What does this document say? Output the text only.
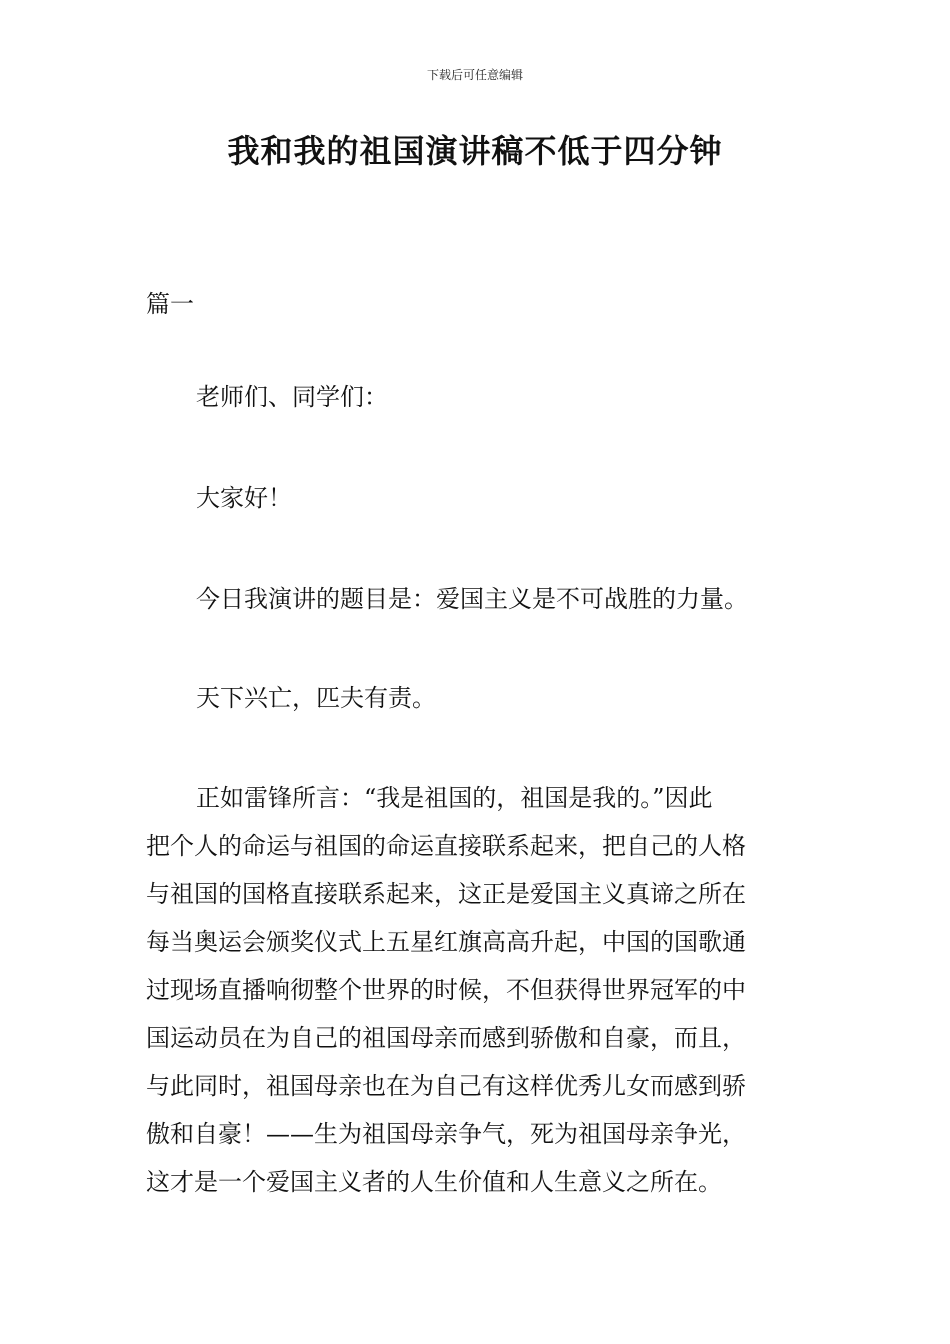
下载后可任意编辑
我和我的祖国演讲稿不低于四分钟

篇一

老师们、同学们：

大家好！

今日我演讲的题目是：爱国主义是不可战胜的力量。

天下兴亡，匹夫有责。

正如雷锋所言：“我是祖国的，祖国是我的。”因此
把个人的命运与祖国的命运直接联系起来，把自己的人格
与祖国的国格直接联系起来，这正是爱国主义真谛之所在
每当奥运会颁奖仪式上五星红旗高高升起，中国的国歌通
过现场直播响彻整个世界的时候，不但获得世界冠军的中
国运动员在为自己的祖国母亲而感到骄傲和自豪，而且，
与此同时，祖国母亲也在为自己有这样优秀儿女而感到骄
傲和自豪！——生为祖国母亲争气，死为祖国母亲争光，
这才是一个爱国主义者的人生价值和人生意义之所在。
